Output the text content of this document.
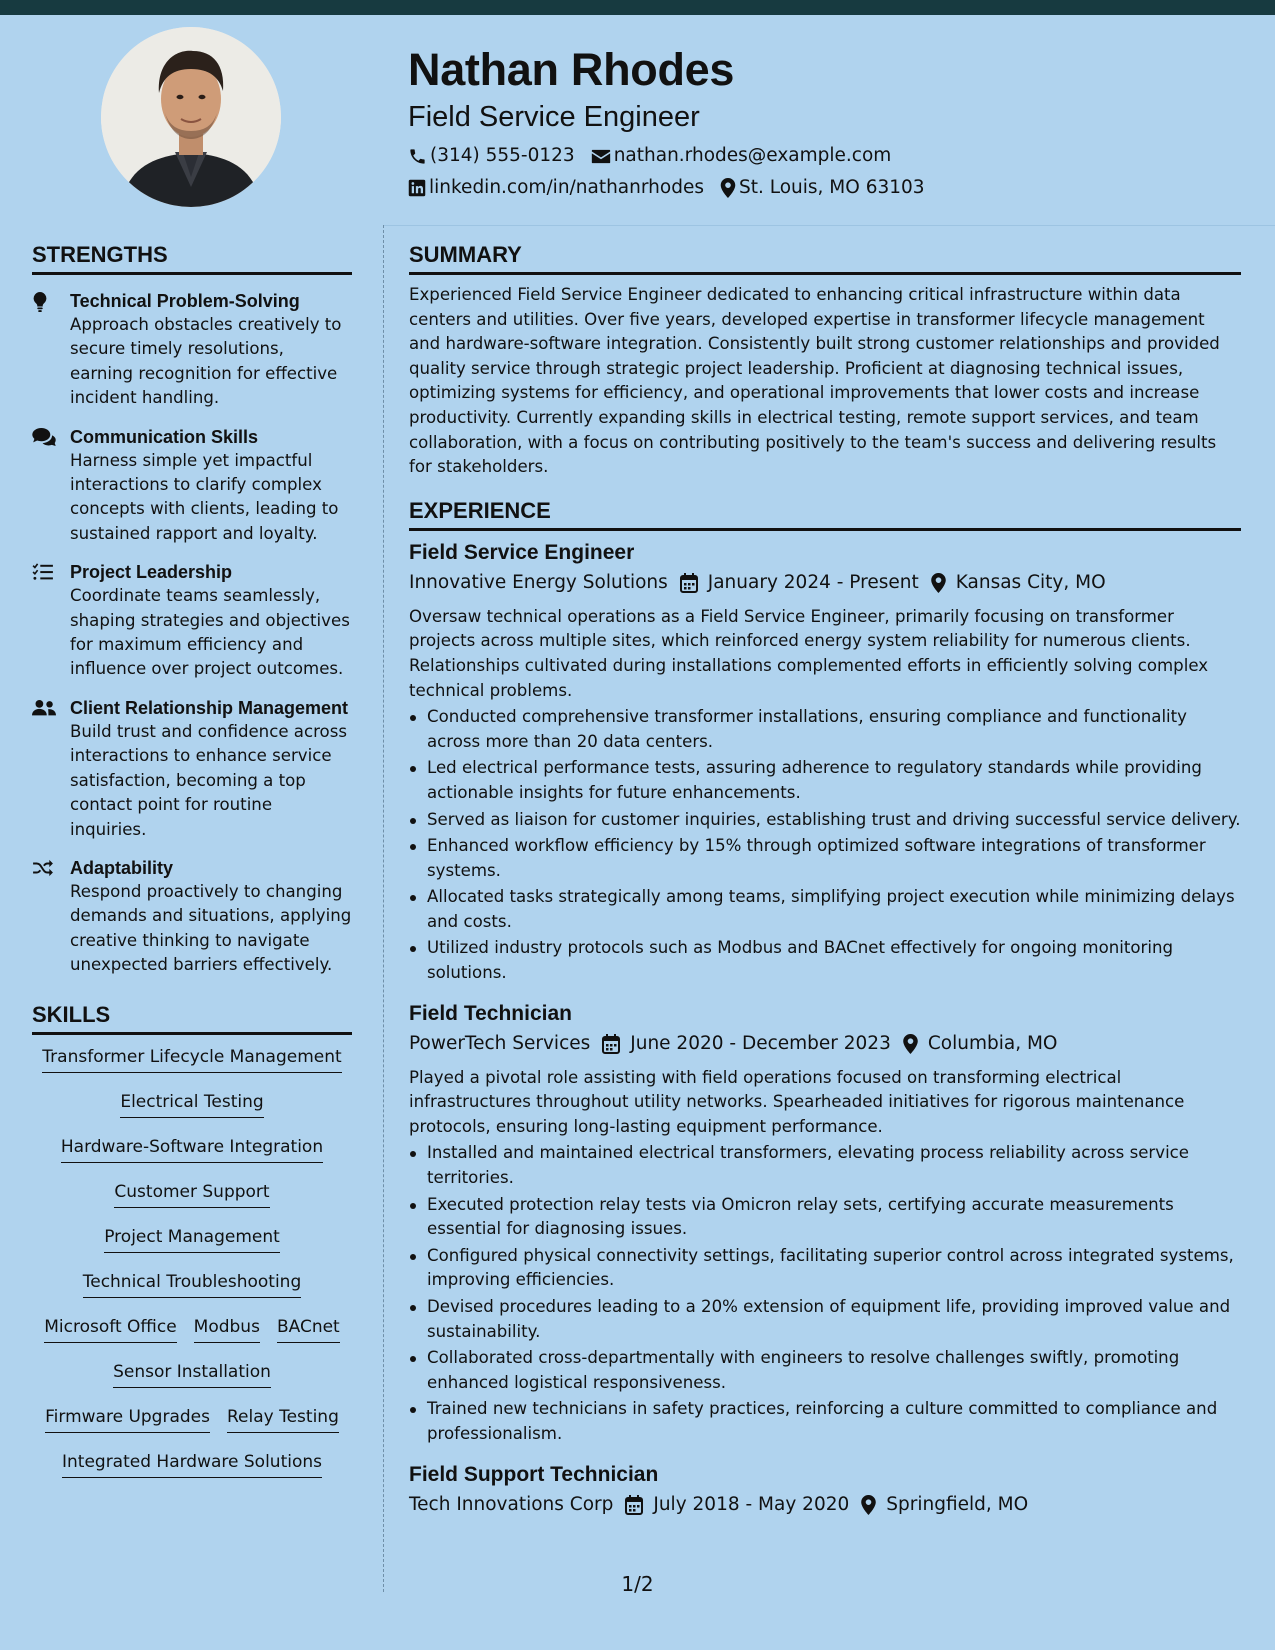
Nathan Rhodes
Field Service Engineer
(314) 555-0123 nathan.rhodes@example.com
linkedin.com/in/nathanrhodes St. Louis, MO 63103
STRENGTHS
Technical Problem-Solving
Approach obstacles creatively to secure timely resolutions, earning recognition for effective incident handling.
Communication Skills
Harness simple yet impactful interactions to clarify complex concepts with clients, leading to sustained rapport and loyalty.
Project Leadership
Coordinate teams seamlessly, shaping strategies and objectives for maximum efficiency and influence over project outcomes.
Client Relationship Management
Build trust and confidence across interactions to enhance service satisfaction, becoming a top contact point for routine inquiries.
Adaptability
Respond proactively to changing demands and situations, applying creative thinking to navigate unexpected barriers effectively.
SKILLS
Transformer Lifecycle Management
Electrical Testing
Hardware-Software Integration
Customer Support
Project Management
Technical Troubleshooting
Microsoft Office Modbus BACnet
Sensor Installation
Firmware Upgrades Relay Testing
Integrated Hardware Solutions
SUMMARY

Experienced Field Service Engineer dedicated to enhancing critical infrastructure within data centers and utilities. Over five years, developed expertise in transformer lifecycle management and hardware-software integration. Consistently built strong customer relationships and provided quality service through strategic project leadership. Proficient at diagnosing technical issues, optimizing systems for efficiency, and operational improvements that lower costs and increase productivity. Currently expanding skills in electrical testing, remote support services, and team collaboration, with a focus on contributing positively to the team's success and delivering results for stakeholders.

EXPERIENCE
Field Service Engineer
Innovative Energy Solutions January 2024 - Present Kansas City, MO
Oversaw technical operations as a Field Service Engineer, primarily focusing on transformer projects across multiple sites, which reinforced energy system reliability for numerous clients. Relationships cultivated during installations complemented efforts in efficiently solving complex technical problems.
Conducted comprehensive transformer installations, ensuring compliance and functionality across more than 20 data centers.
Led electrical performance tests, assuring adherence to regulatory standards while providing actionable insights for future enhancements.
Served as liaison for customer inquiries, establishing trust and driving successful service delivery.
Enhanced workflow efficiency by 15% through optimized software integrations of transformer systems.
Allocated tasks strategically among teams, simplifying project execution while minimizing delays and costs.
Utilized industry protocols such as Modbus and BACnet effectively for ongoing monitoring solutions.
Field Technician
PowerTech Services June 2020 - December 2023 Columbia, MO
Played a pivotal role assisting with field operations focused on transforming electrical infrastructures throughout utility networks. Spearheaded initiatives for rigorous maintenance protocols, ensuring long-lasting equipment performance.
Installed and maintained electrical transformers, elevating process reliability across service territories.
Executed protection relay tests via Omicron relay sets, certifying accurate measurements essential for diagnosing issues.
Configured physical connectivity settings, facilitating superior control across integrated systems, improving efficiencies.
Devised procedures leading to a 20% extension of equipment life, providing improved value and sustainability.
Collaborated cross-departmentally with engineers to resolve challenges swiftly, promoting enhanced logistical responsiveness.
Trained new technicians in safety practices, reinforcing a culture committed to compliance and professionalism.
Field Support Technician
Tech Innovations Corp July 2018 - May 2020 Springfield, MO
1/2
